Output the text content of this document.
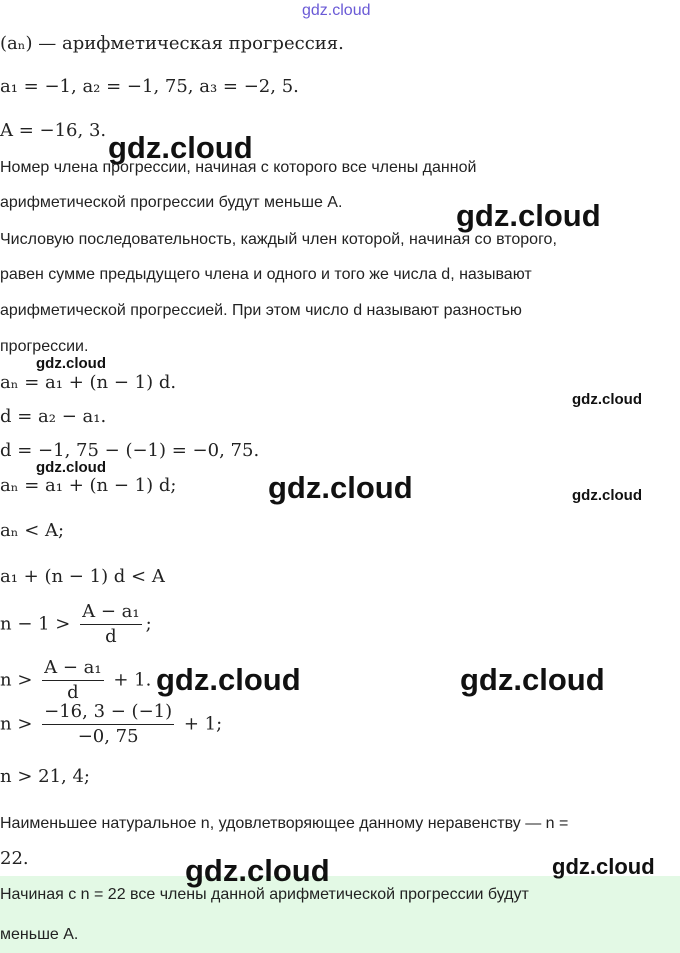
(aₙ) — арифметическая прогрессия.
a₁ = −1, a₂ = −1, 75, a₃ = −2, 5.
A = −16, 3.
Номер члена прогрессии, начиная с которого все члены данной
арифметической прогрессии будут меньше A.
Числовую последовательность, каждый член которой, начиная со второго,
равен сумме предыдущего члена и одного и того же числа d, называют
арифметической прогрессией. При этом число d называют разностью
прогрессии.
aₙ = a₁ + (n − 1) d.
d = a₂ − a₁.
d = −1, 75 − (−1) = −0, 75.
aₙ = a₁ + (n − 1) d;
aₙ < A;
a₁ + (n − 1) d < A
$n - 1 > \frac{\text{A − a₁}}{d}$ ;
$n > \frac{\text{A − a₁}}{d} + 1$.
$n > \frac{-16, 3 - (-1)}{-0, 75} + 1$;
n > 21, 4;
Наименьшее натуральное n, удовлетворяющее данному неравенству — n =
22.
Начиная с n = 22 все члены данной арифметической прогрессии будут
меньше A.
gdz.cloud
gdz.cloud
gdz.cloud
gdz.cloud
gdz.cloud
gdz.cloud
gdz.cloud	gdz.cloud
gdz.cloud	gdz.cloud
gdz.cloud	gdz.cloud
